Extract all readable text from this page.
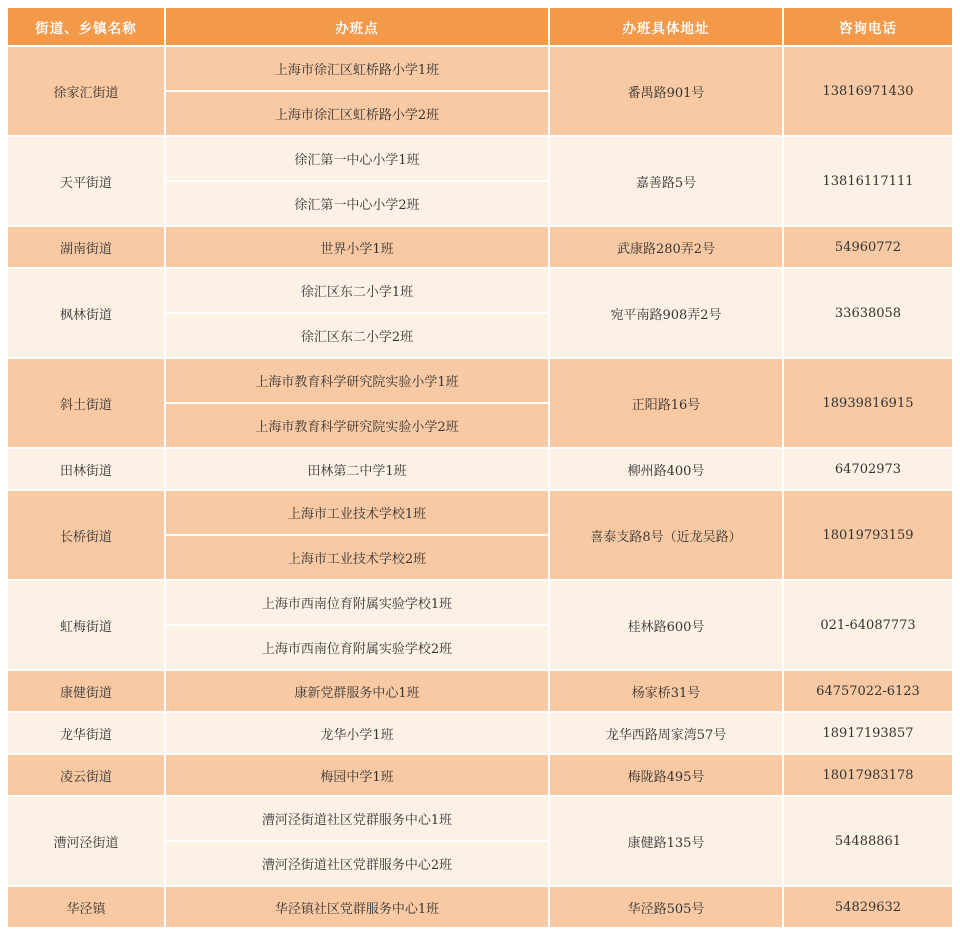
街道、乡镇名称	办班点	办班具体地址	咨询电话
徐家汇街道	上海市徐汇区虹桥路小学1班	番禺路901号	13816971430
	上海市徐汇区虹桥路小学2班		
天平街道	徐汇第一中心小学1班	嘉善路5号	13816117111
	徐汇第一中心小学2班		
湖南街道	世界小学1班	武康路280弄2号	54960772
枫林街道	徐汇区东二小学1班	宛平南路908弄2号	33638058
	徐汇区东二小学2班		
斜土街道	上海市教育科学研究院实验小学1班	正阳路16号	18939816915
	上海市教育科学研究院实验小学2班		
田林街道	田林第二中学1班	柳州路400号	64702973
长桥街道	上海市工业技术学校1班	喜泰支路8号（近龙吴路）	18019793159
	上海市工业技术学校2班		
虹梅街道	上海市西南位育附属实验学校1班	桂林路600号	021-64087773
	上海市西南位育附属实验学校2班		
康健街道	康新党群服务中心1班	杨家桥31号	64757022-6123
龙华街道	龙华小学1班	龙华西路周家湾57号	18917193857
凌云街道	梅园中学1班	梅陇路495号	18017983178
漕河泾街道	漕河泾街道社区党群服务中心1班	康健路135号	54488861
	漕河泾街道社区党群服务中心2班		
华泾镇	华泾镇社区党群服务中心1班	华泾路505号	54829632
